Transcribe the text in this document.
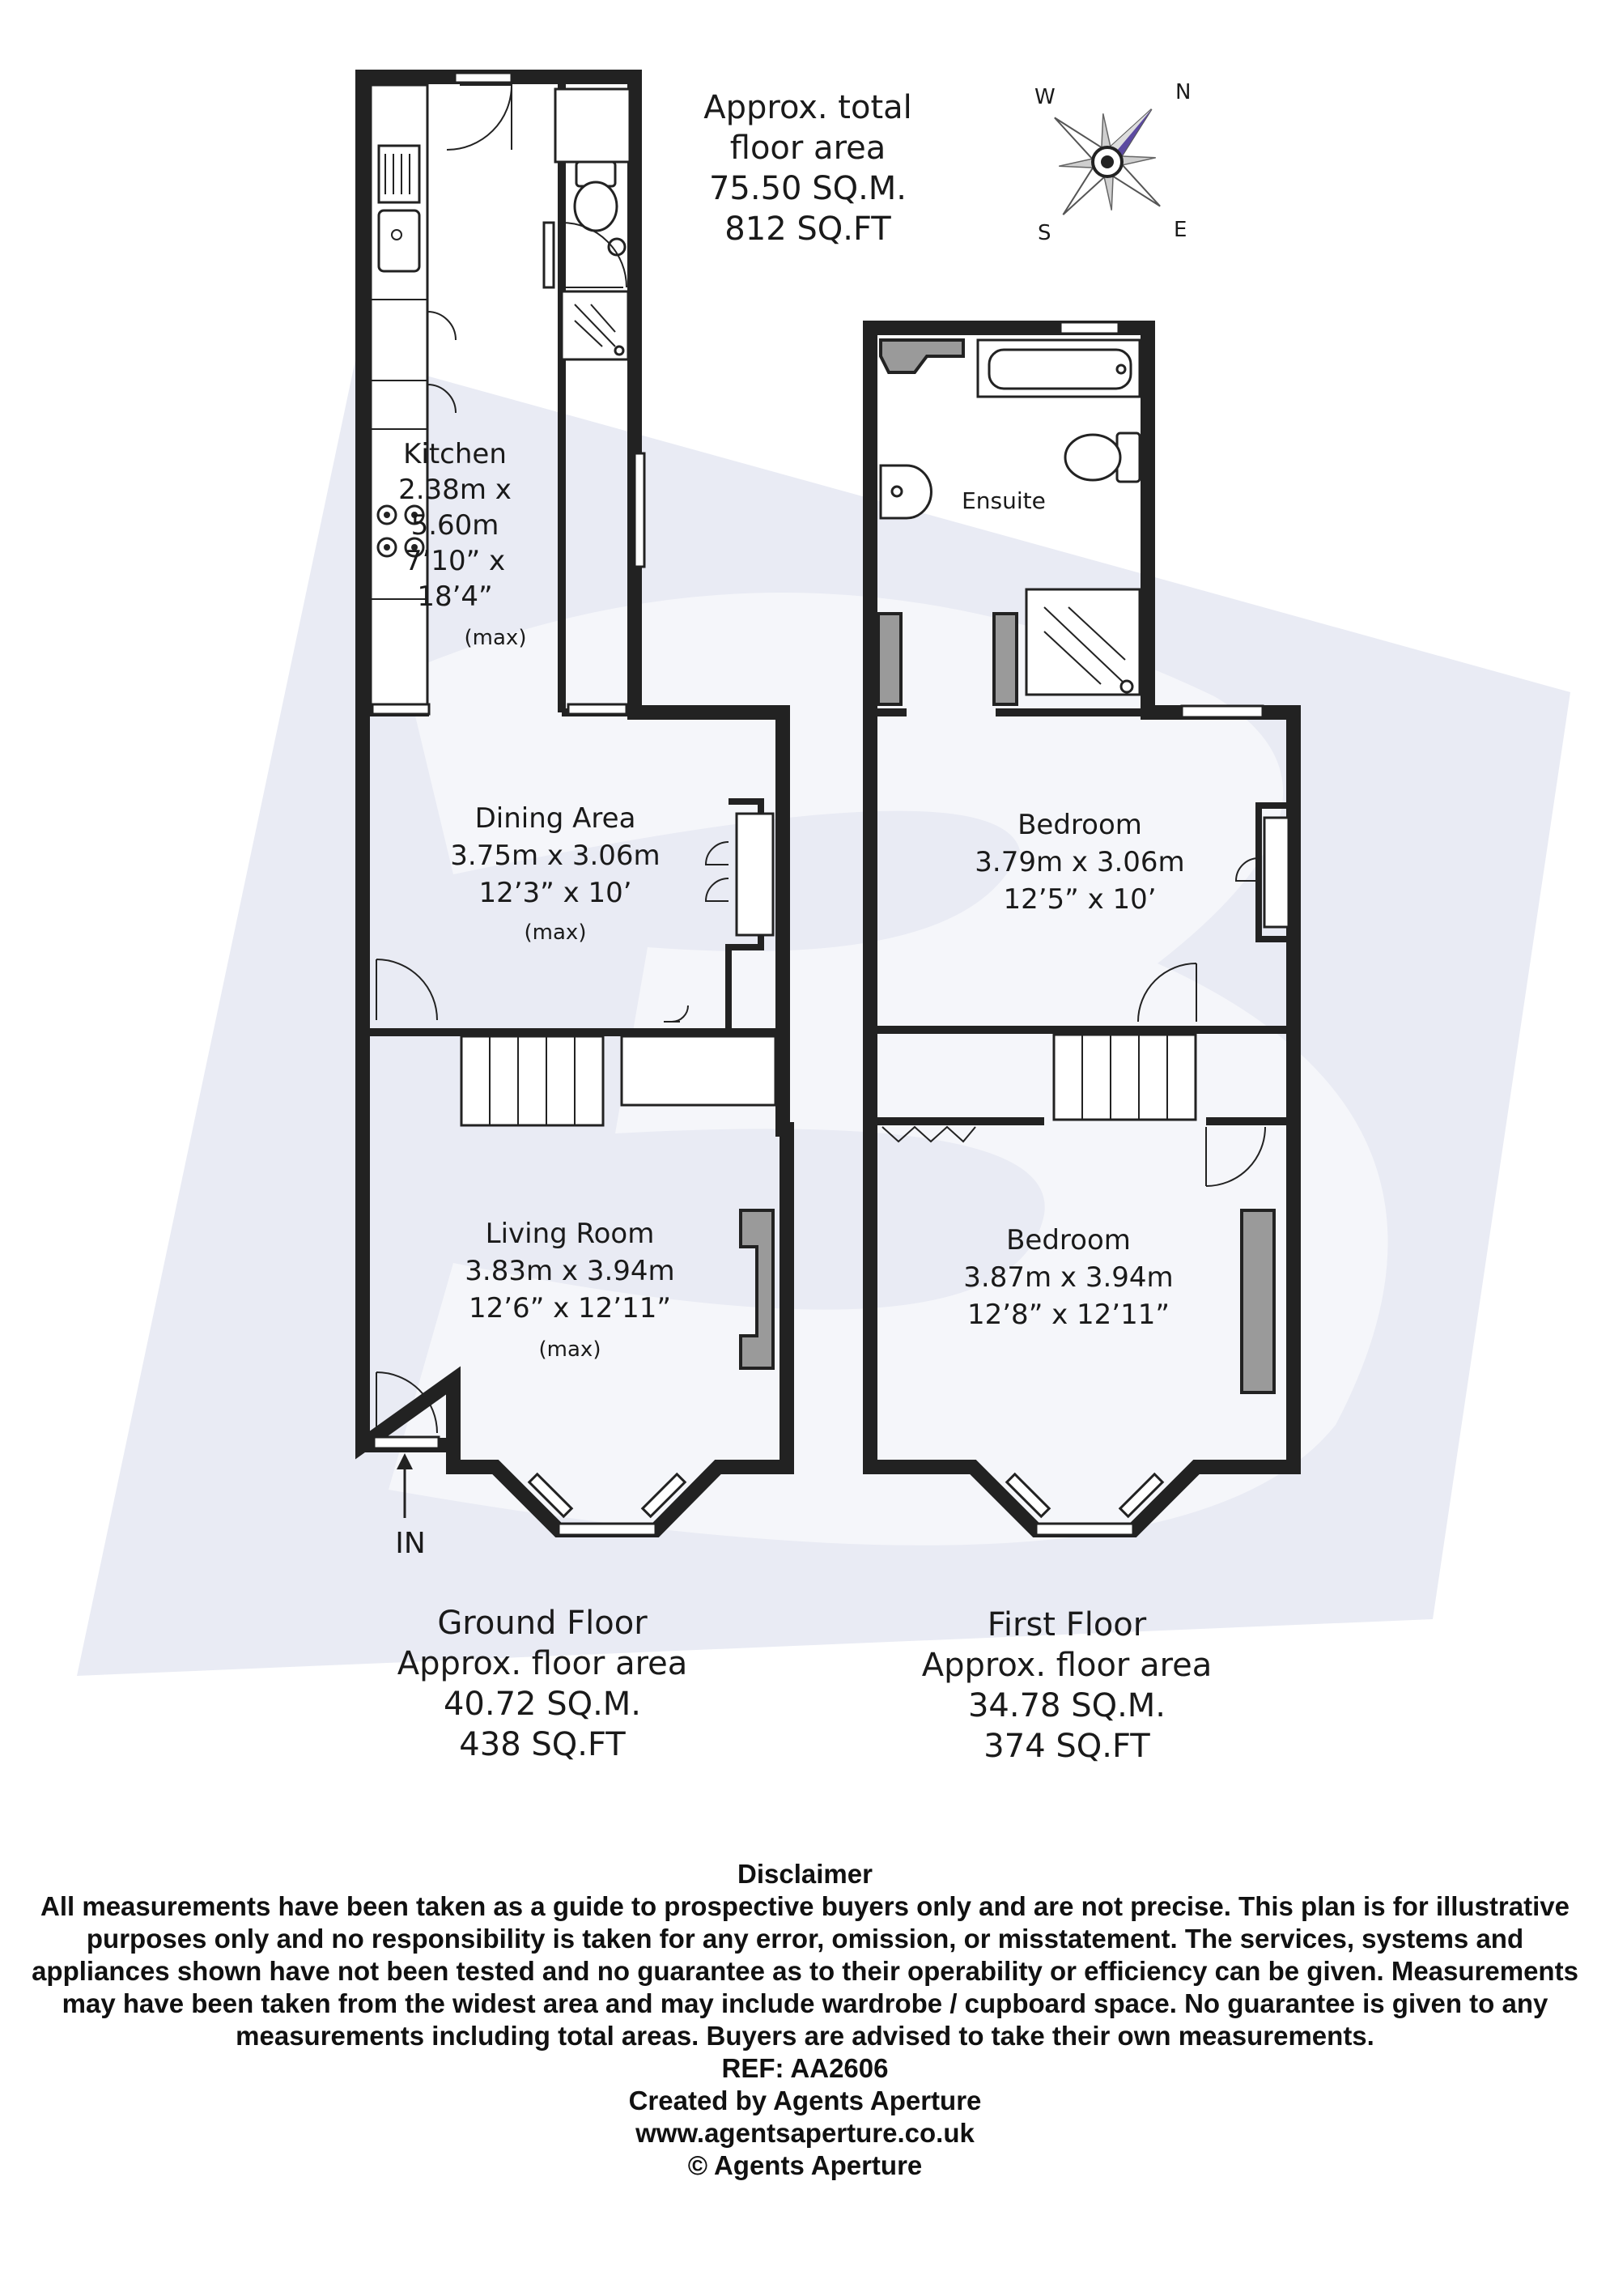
N
W
S	E
Approx. total
floor area
75.50 SQ.M.
812 SQ.FT
IN
Kitchen
2.38m x
5.60m
7’10” x
18’4”
(max)
Dining Area
3.75m x 3.06m
12’3” x 10’
(max)
Living Room
3.83m x 3.94m
12’6” x 12’11”
(max)
Ensuite
Bedroom
3.79m x 3.06m
12’5” x 10’
Bedroom
3.87m x 3.94m
12’8” x 12’11”
Ground Floor
Approx. floor area
40.72 SQ.M.
438 SQ.FT
First Floor
Approx. floor area
34.78 SQ.M.
374 SQ.FT
Disclaimer
All measurements have been taken as a guide to prospective buyers only and are not precise. This plan is for illustrative purposes only and no responsibility is taken for any error, omission, or misstatement. The services, systems and appliances shown have not been tested and no guarantee as to their operability or efficiency can be given. Measurements may have been taken from the widest area and may include wardrobe / cupboard space. No guarantee is given to any measurements including total areas. Buyers are advised to take their own measurements.
REF: AA2606
Created by Agents Aperture
www.agentsaperture.co.uk
© Agents Aperture
